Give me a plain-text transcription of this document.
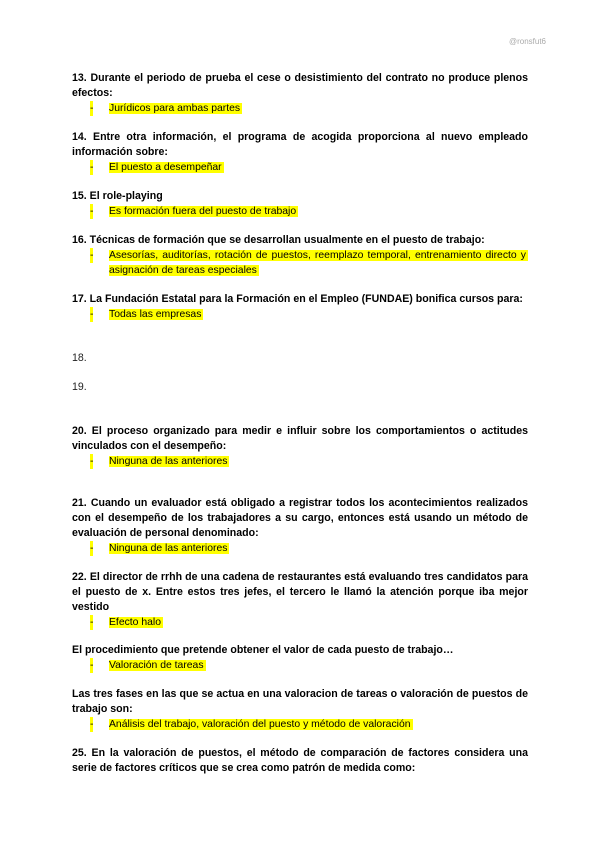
@ronsfut6

13. Durante el periodo de prueba el cese o desistimiento del contrato no produce plenos efectos:

- Jurídicos para ambas partes

14. Entre otra información, el programa de acogida proporciona al nuevo empleado información sobre:

- El puesto a desempeñar

15. El role-playing

- Es formación fuera del puesto de trabajo

16. Técnicas de formación que se desarrollan usualmente en el puesto de trabajo:

- Asesorías, auditorías, rotación de puestos, reemplazo temporal, entrenamiento directo y asignación de tareas especiales

17. La Fundación Estatal para la Formación en el Empleo (FUNDAE) bonifica cursos para:

- Todas las empresas

18.

19.

20. El proceso organizado para medir e influir sobre los comportamientos o actitudes vinculados con el desempeño:

- Ninguna de las anteriores

21. Cuando un evaluador está obligado a registrar todos los acontecimientos realizados con el desempeño de los trabajadores a su cargo, entonces está usando un método de evaluación de personal denominado:

- Ninguna de las anteriores

22. El director de rrhh de una cadena de restaurantes está evaluando tres candidatos para el puesto de x. Entre estos tres jefes, el tercero le llamó la atención porque iba mejor vestido

- Efecto halo

El procedimiento que pretende obtener el valor de cada puesto de trabajo…

- Valoración de tareas

Las tres fases en las que se actua en una valoracion de tareas o valoración de puestos de trabajo son:

- Análisis del trabajo, valoración del puesto y método de valoración

25. En la valoración de puestos, el método de comparación de factores considera una serie de factores críticos que se crea como patrón de medida como:
